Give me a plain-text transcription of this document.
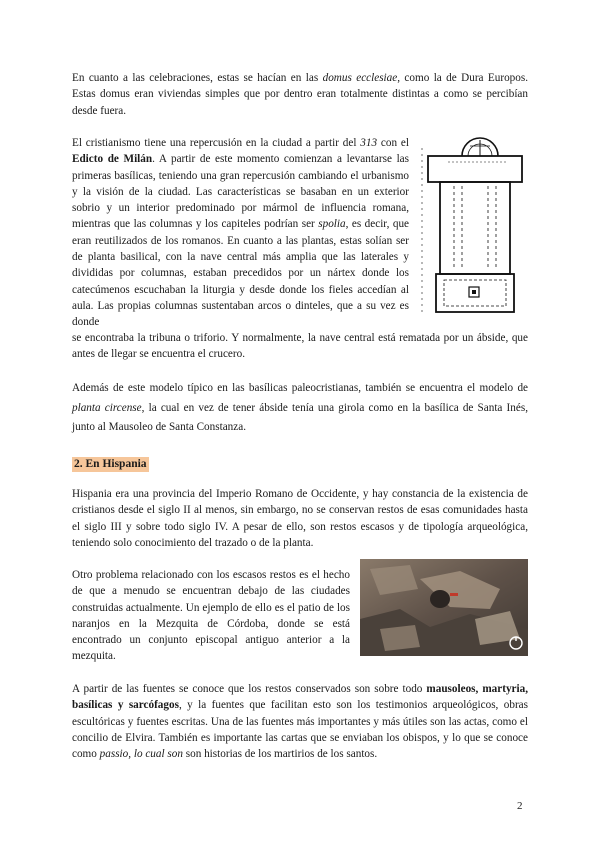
En cuanto a las celebraciones, estas se hacían en las domus ecclesiae, como la de Dura Europos. Estas domus eran viviendas simples que por dentro eran totalmente distintas a como se percibían desde fuera.

El cristianismo tiene una repercusión en la ciudad a partir del 313 con el Edicto de Milán. A partir de este momento comienzan a levantarse las primeras basílicas, teniendo una gran repercusión cambiando el urbanismo y la visión de la ciudad. Las características se basaban en un exterior sobrio y un interior predominado por mármol de influencia romana, mientras que las columnas y los capiteles podrían ser spolia, es decir, que eran reutilizados de los romanos. En cuanto a las plantas, estas solían ser de planta basilical, con la nave central más amplia que las laterales y divididas por columnas, estaban precedidos por un nártex donde los catecúmenos escuchaban la liturgia y desde donde los fieles accedían al aula. Las propias columnas sustentaban arcos o dinteles, que a su vez es donde

se encontraba la tribuna o triforio. Y normalmente, la nave central está rematada por un ábside, que antes de llegar se encuentra el crucero.

Además de este modelo típico en las basílicas paleocristianas, también se encuentra el modelo de planta circense, la cual en vez de tener ábside tenía una girola como en la basílica de Santa Inés, junto al Mausoleo de Santa Constanza.

2. En Hispania

Hispania era una provincia del Imperio Romano de Occidente, y hay constancia de la existencia de cristianos desde el siglo II al menos, sin embargo, no se conservan restos de esas comunidades hasta el siglo III y sobre todo siglo IV. A pesar de ello, son restos escasos y de tipología arqueológica, teniendo solo conocimiento del trazado o de la planta.

Otro problema relacionado con los escasos restos es el hecho de que a menudo se encuentran debajo de las ciudades construidas actualmente. Un ejemplo de ello es el patio de los naranjos en la Mezquita de Córdoba, donde se está encontrado un conjunto episcopal antiguo anterior a la mezquita.

A partir de las fuentes se conoce que los restos conservados son sobre todo mausoleos, martyria, basílicas y sarcófagos, y la fuentes que facilitan esto son los testimonios arqueológicos, obras escultóricas y fuentes escritas. Una de las fuentes más importantes y más útiles son las actas, como el concilio de Elvira. También es importante las cartas que se enviaban los obispos, y lo que se conoce como passio, lo cual son son historias de los martirios de los santos.

2
